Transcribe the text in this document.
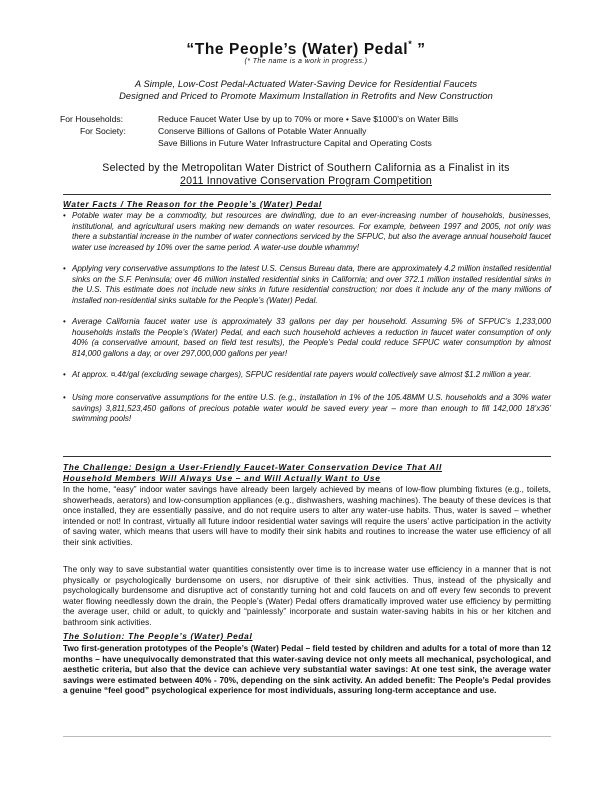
“The People’s (Water) Pedal* ”
(* The name is a work in progress.)
A Simple, Low-Cost Pedal-Actuated Water-Saving Device for Residential Faucets
Designed and Priced to Promote Maximum Installation in Retrofits and New Construction
For Households:	Reduce Faucet Water Use by up to 70% or more • Save $1000’s on Water Bills
For Society:	Conserve Billions of Gallons of Potable Water Annually
Save Billions in Future Water Infrastructure Capital and Operating Costs
Selected by the Metropolitan Water District of Southern California as a Finalist in its
2011 Innovative Conservation Program Competition
Water Facts / The Reason for the People’s (Water) Pedal
• Potable water may be a commodity, but resources are dwindling, due to an ever-increasing number of households, businesses, institutional, and agricultural users making new demands on water resources. For example, between 1997 and 2005, not only was there a substantial increase in the number of water connections serviced by the SFPUC, but also the average annual household faucet water use increased by 10% over the same period. A water-use double whammy!
• Applying very conservative assumptions to the latest U.S. Census Bureau data, there are approximately 4.2 million installed residential sinks on the S.F. Peninsula; over 46 million installed residential sinks in California; and over 372.1 million installed residential sinks in the U.S. This estimate does not include new sinks in future residential construction; nor does it include any of the many millions of installed non-residential sinks suitable for the People’s (Water) Pedal.
• Average California faucet water use is approximately 33 gallons per day per household. Assuming 5% of SFPUC’s 1,233,000 households installs the People’s (Water) Pedal, and each such household achieves a reduction in faucet water consumption of only 40% (a conservative amount, based on field test results), the People’s Pedal could reduce SFPUC water consumption by almost 814,000 gallons a day, or over 297,000,000 gallons per year!
• At approx. ¤.4¢/gal (excluding sewage charges), SFPUC residential rate payers would collectively save almost $1.2 million a year.
• Using more conservative assumptions for the entire U.S. (e.g., installation in 1% of the 105.48MM U.S. households and a 30% water savings) 3,811,523,450 gallons of precious potable water would be saved every year – more than enough to fill 142,000 18’x36’ swimming pools!
The Challenge: Design a User-Friendly Faucet-Water Conservation Device That All
Household Members Will Always Use – and Will Actually Want to Use
In the home, “easy” indoor water savings have already been largely achieved by means of low-flow plumbing fixtures (e.g., toilets, showerheads, aerators) and low-consumption appliances (e.g., dishwashers, washing machines). The beauty of these devices is that once installed, they are essentially passive, and do not require users to alter any water-use habits. Thus, water is saved – whether intended or not! In contrast, virtually all future indoor residential water savings will require the users’ active participation in the activity of saving water, which means that users will have to modify their sink habits and routines to increase the water use efficiency of all their sink activities.
The only way to save substantial water quantities consistently over time is to increase water use efficiency in a manner that is not physically or psychologically burdensome on users, nor disruptive of their sink activities. Thus, instead of the physically and psychologically burdensome and disruptive act of constantly turning hot and cold faucets on and off every few seconds to prevent water flowing needlessly down the drain, the People’s (Water) Pedal offers dramatically improved water use efficiency by permitting the average user, child or adult, to quickly and “painlessly” incorporate and sustain water-saving habits in his or her kitchen and bathroom sink activities.
The Solution: The People’s (Water) Pedal
Two first-generation prototypes of the People’s (Water) Pedal – field tested by children and adults for a total of more than 12 months – have unequivocally demonstrated that this water-saving device not only meets all mechanical, psychological, and aesthetic criteria, but also that the device can achieve very substantial water savings: At one test sink, the average water savings were estimated between 40% - 70%, depending on the sink activity. An added benefit: The People’s Pedal provides a genuine “feel good” psychological experience for most individuals, assuring long-term acceptance and use.
